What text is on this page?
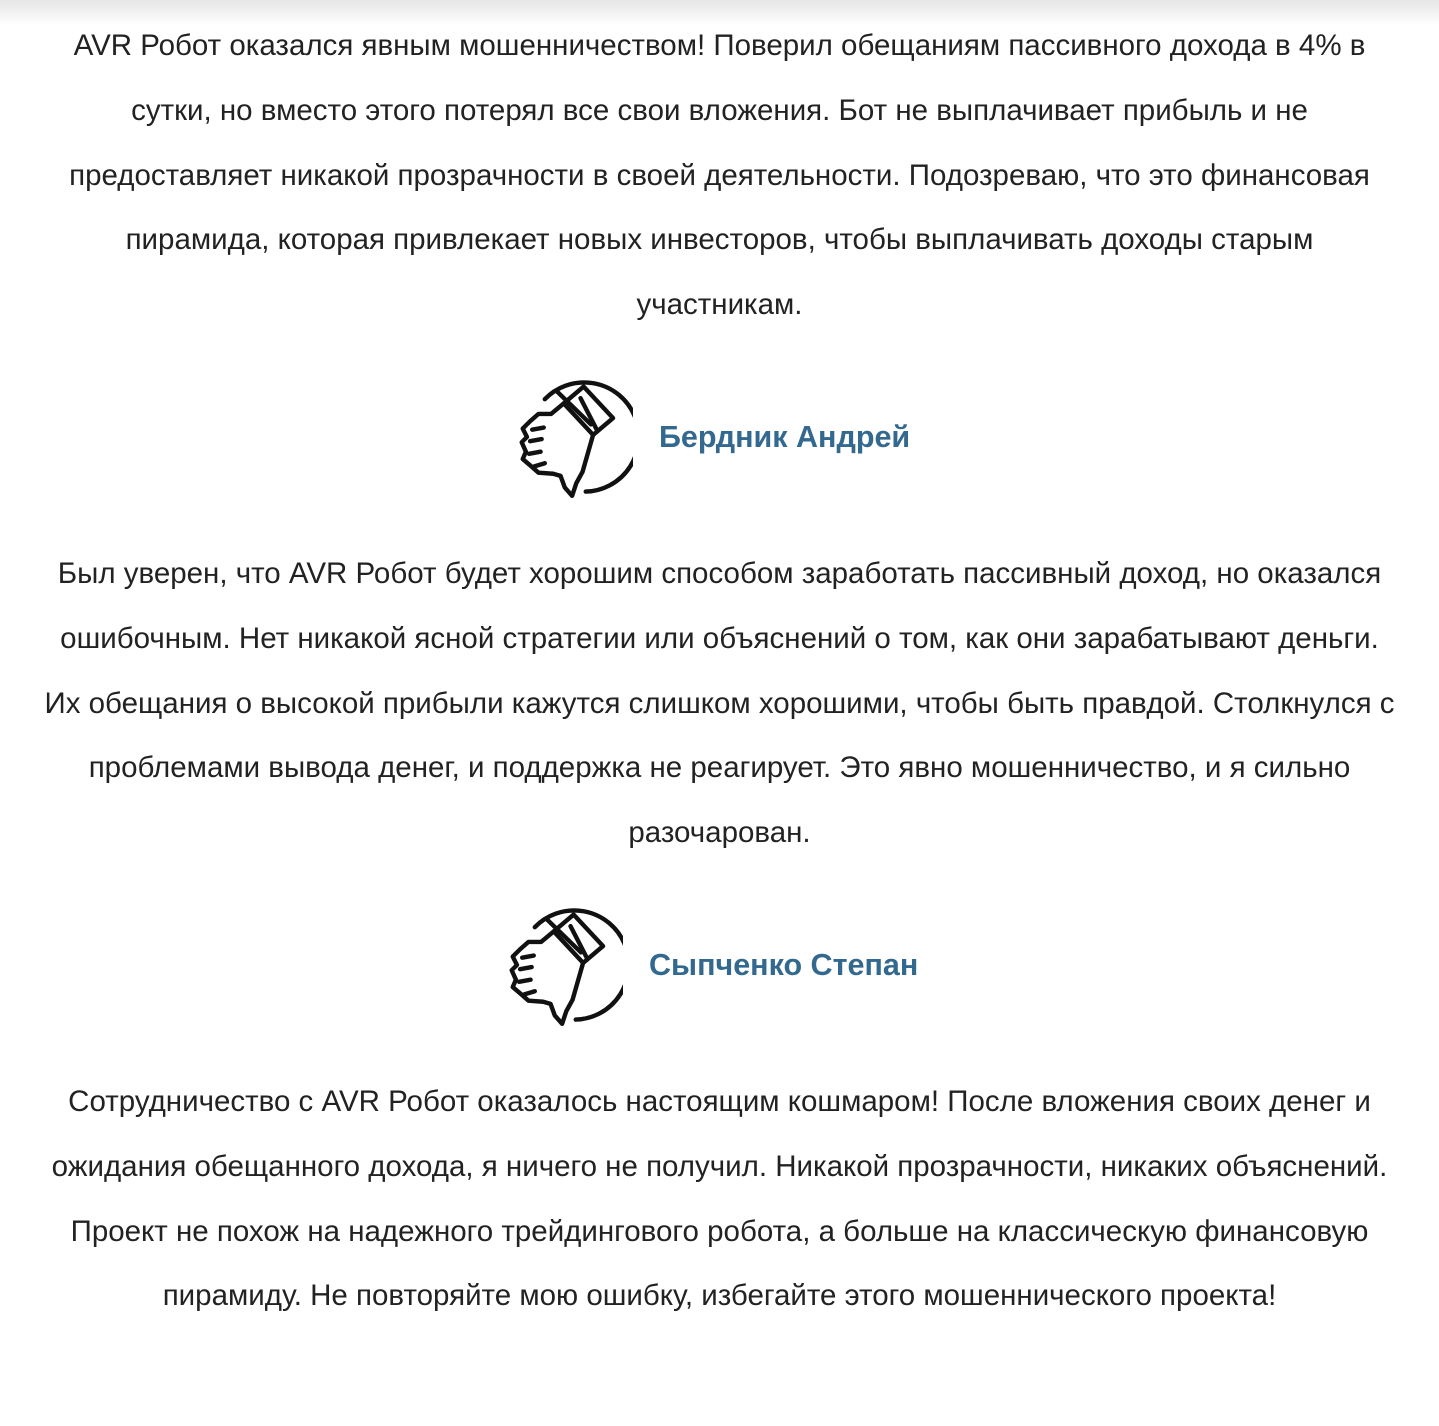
AVR Робот оказался явным мошенничеством! Поверил обещаниям пассивного дохода в 4% в сутки, но вместо этого потерял все свои вложения. Бот не выплачивает прибыль и не предоставляет никакой прозрачности в своей деятельности. Подозреваю, что это финансовая пирамида, которая привлекает новых инвесторов, чтобы выплачивать доходы старым участникам.

Бердник Андрей

Был уверен, что AVR Робот будет хорошим способом заработать пассивный доход, но оказался ошибочным. Нет никакой ясной стратегии или объяснений о том, как они зарабатывают деньги. Их обещания о высокой прибыли кажутся слишком хорошими, чтобы быть правдой. Столкнулся с проблемами вывода денег, и поддержка не реагирует. Это явно мошенничество, и я сильно разочарован.

Сыпченко Степан

Сотрудничество с AVR Робот оказалось настоящим кошмаром! После вложения своих денег и ожидания обещанного дохода, я ничего не получил. Никакой прозрачности, никаких объяснений. Проект не похож на надежного трейдингового робота, а больше на классическую финансовую пирамиду. Не повторяйте мою ошибку, избегайте этого мошеннического проекта!
